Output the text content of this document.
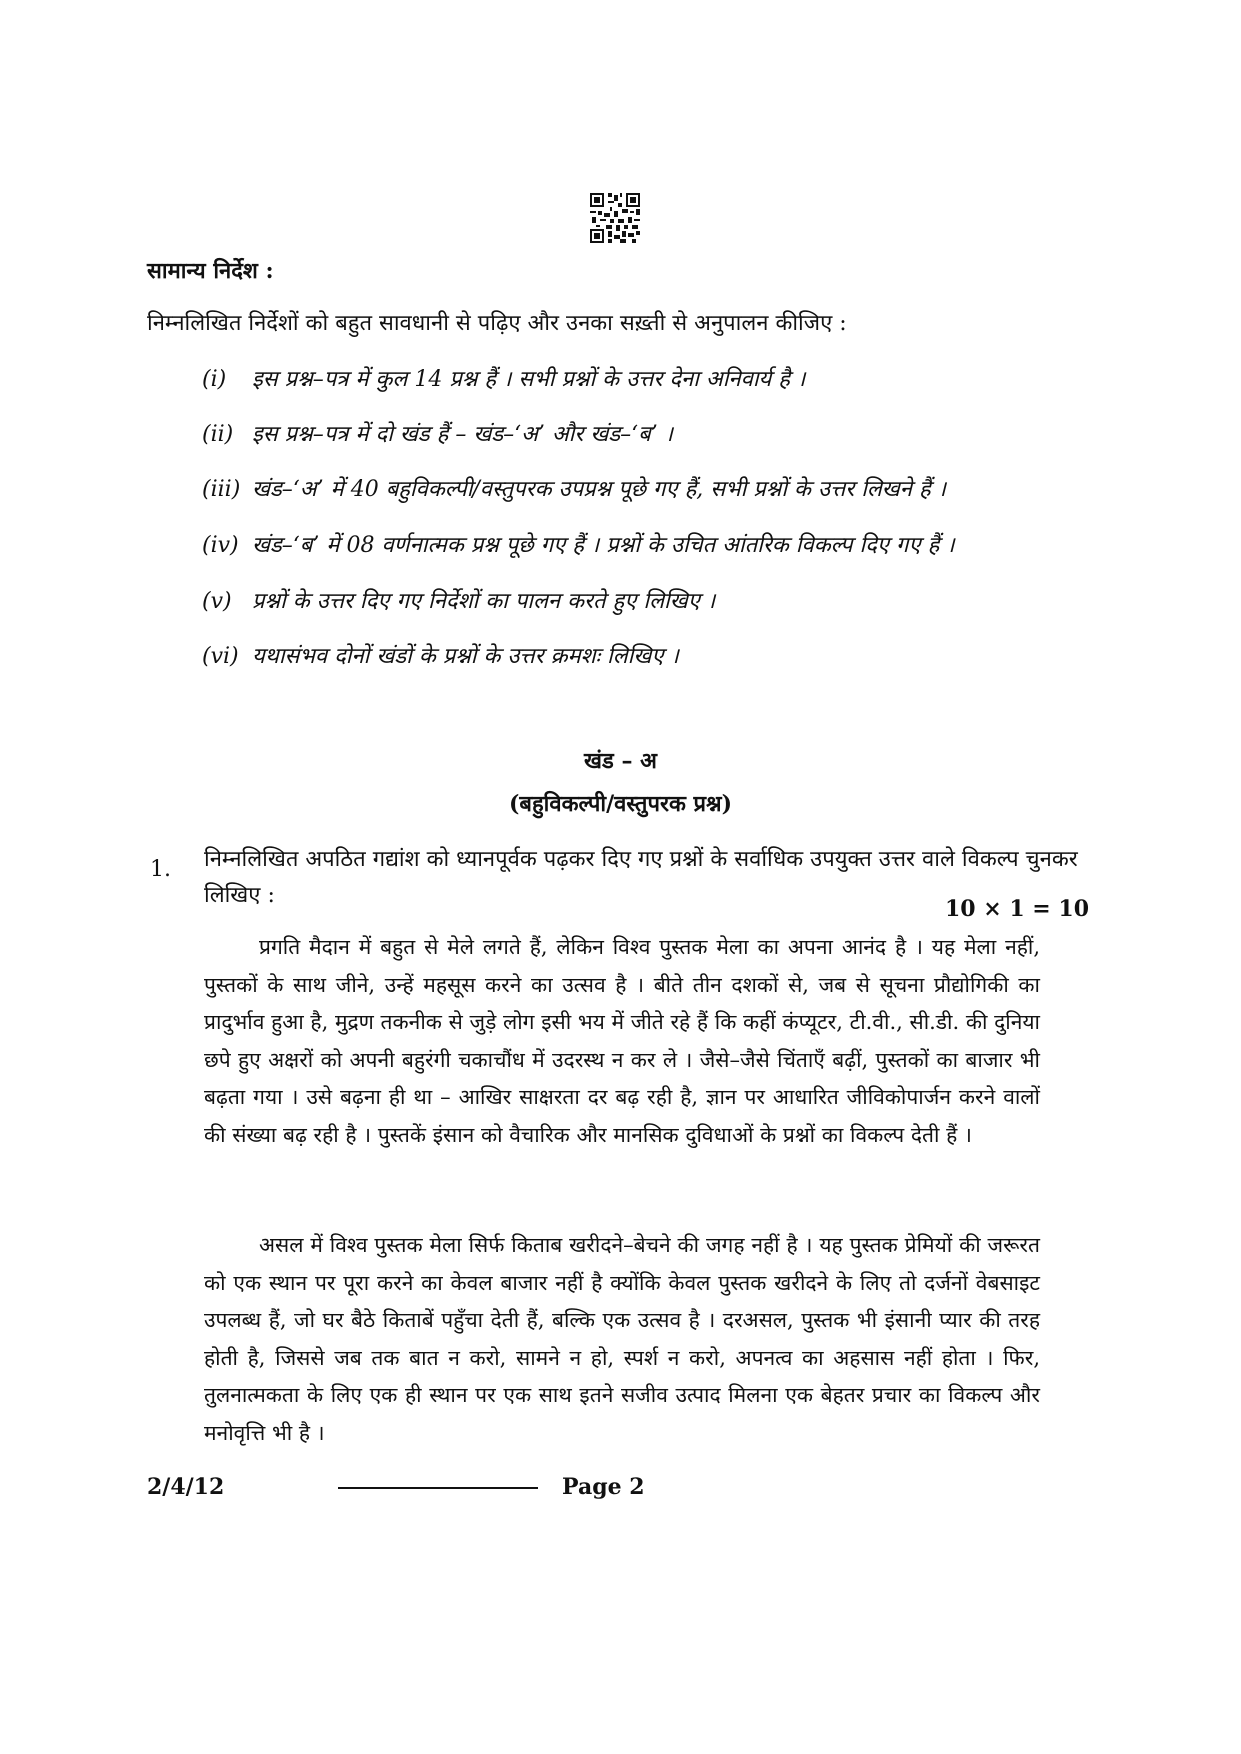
सामान्य निर्देश :
निम्नलिखित निर्देशों को बहुत सावधानी से पढ़िए और उनका सख़्ती से अनुपालन कीजिए :
(i) इस प्रश्न–पत्र में कुल 14 प्रश्न हैं । सभी प्रश्नों के उत्तर देना अनिवार्य है ।
(ii) इस प्रश्न–पत्र में दो खंड हैं – खंड–‘अ’ और खंड–‘ब’ ।
(iii) खंड–‘अ’ में 40 बहुविकल्पी/वस्तुपरक उपप्रश्न पूछे गए हैं, सभी प्रश्नों के उत्तर लिखने हैं ।
(iv) खंड–‘ब’ में 08 वर्णनात्मक प्रश्न पूछे गए हैं । प्रश्नों के उचित आंतरिक विकल्प दिए गए हैं ।
(v) प्रश्नों के उत्तर दिए गए निर्देशों का पालन करते हुए लिखिए ।
(vi) यथासंभव दोनों खंडों के प्रश्नों के उत्तर क्रमशः लिखिए ।
खंड – अ
(बहुविकल्पी/वस्तुपरक प्रश्न)
1. निम्नलिखित अपठित गद्यांश को ध्यानपूर्वक पढ़कर दिए गए प्रश्नों के सर्वाधिक उपयुक्त उत्तर वाले विकल्प चुनकर लिखिए :
10 × 1 = 10

प्रगति मैदान में बहुत से मेले लगते हैं, लेकिन विश्व पुस्तक मेला का अपना आनंद है । यह मेला नहीं, पुस्तकों के साथ जीने, उन्हें महसूस करने का उत्सव है । बीते तीन दशकों से, जब से सूचना प्रौद्योगिकी का प्रादुर्भाव हुआ है, मुद्रण तकनीक से जुड़े लोग इसी भय में जीते रहे हैं कि कहीं कंप्यूटर, टी.वी., सी.डी. की दुनिया छपे हुए अक्षरों को अपनी बहुरंगी चकाचौंध में उदरस्थ न कर ले । जैसे–जैसे चिंताएँ बढ़ीं, पुस्तकों का बाजार भी बढ़ता गया । उसे बढ़ना ही था – आखिर साक्षरता दर बढ़ रही है, ज्ञान पर आधारित जीविकोपार्जन करने वालों की संख्या बढ़ रही है । पुस्तकें इंसान को वैचारिक और मानसिक दुविधाओं के प्रश्नों का विकल्प देती हैं ।

असल में विश्व पुस्तक मेला सिर्फ किताब खरीदने–बेचने की जगह नहीं है । यह पुस्तक प्रेमियों की जरूरत को एक स्थान पर पूरा करने का केवल बाजार नहीं है क्योंकि केवल पुस्तक खरीदने के लिए तो दर्जनों वेबसाइट उपलब्ध हैं, जो घर बैठे किताबें पहुँचा देती हैं, बल्कि एक उत्सव है । दरअसल, पुस्तक भी इंसानी प्यार की तरह होती है, जिससे जब तक बात न करो, सामने न हो, स्पर्श न करो, अपनत्व का अहसास नहीं होता । फिर, तुलनात्मकता के लिए एक ही स्थान पर एक साथ इतने सजीव उत्पाद मिलना एक बेहतर प्रचार का विकल्प और मनोवृत्ति भी है ।

2/4/12	Page 2
